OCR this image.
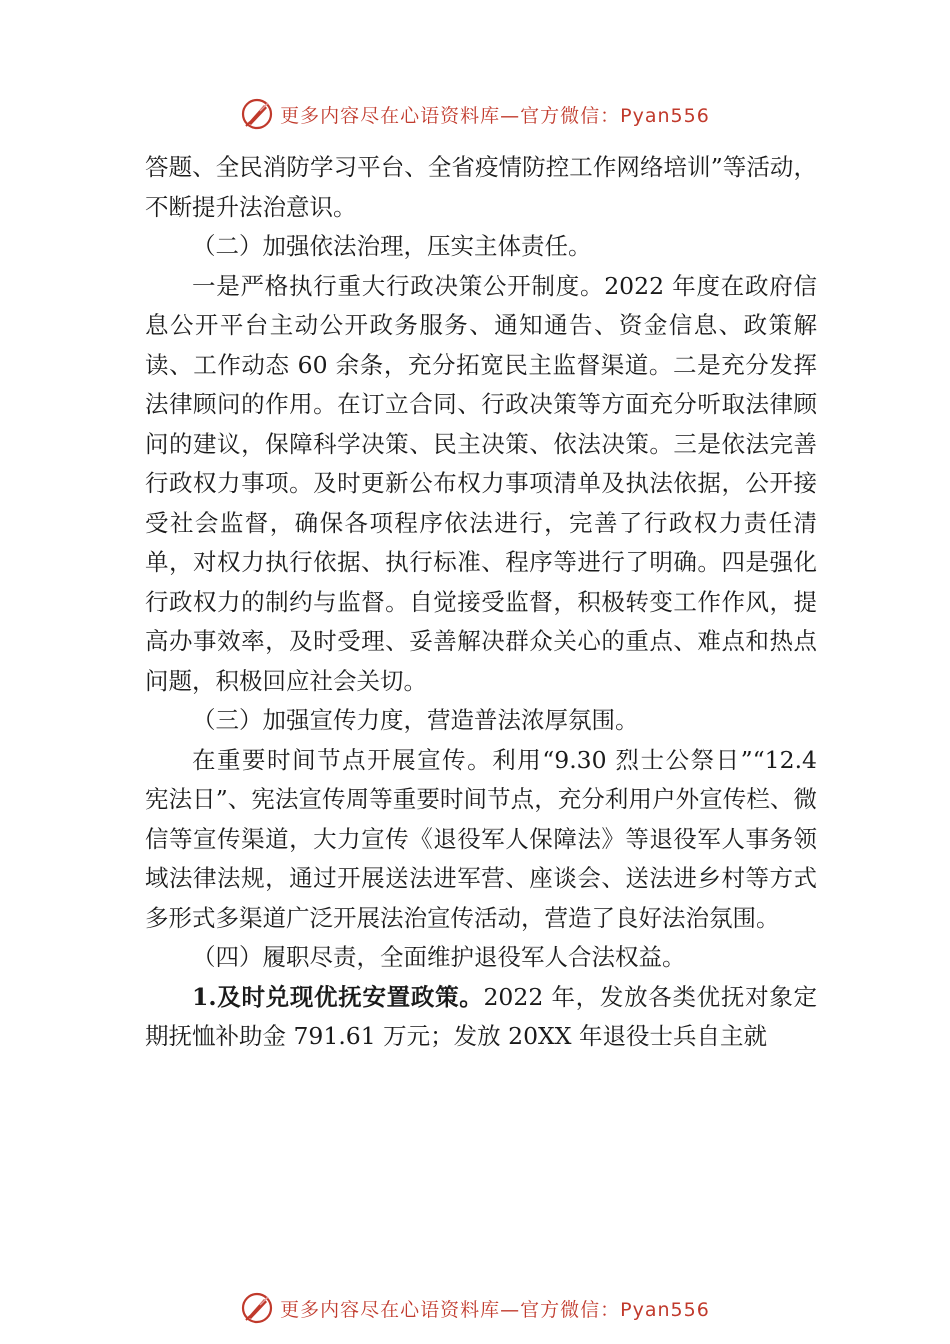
更多内容尽在心语资料库—官方微信：Pyan556

答题、全民消防学习平台、全省疫情防控工作网络培训”等活动，不断提升法治意识。

（二）加强依法治理，压实主体责任。

一是严格执行重大行政决策公开制度。2022 年度在政府信息公开平台主动公开政务服务、通知通告、资金信息、政策解读、工作动态 60 余条，充分拓宽民主监督渠道。二是充分发挥法律顾问的作用。在订立合同、行政决策等方面充分听取法律顾问的建议，保障科学决策、民主决策、依法决策。三是依法完善行政权力事项。及时更新公布权力事项清单及执法依据，公开接受社会监督，确保各项程序依法进行，完善了行政权力责任清单，对权力执行依据、执行标准、程序等进行了明确。四是强化行政权力的制约与监督。自觉接受监督，积极转变工作作风，提高办事效率，及时受理、妥善解决群众关心的重点、难点和热点问题，积极回应社会关切。

（三）加强宣传力度，营造普法浓厚氛围。

在重要时间节点开展宣传。利用“9.30 烈士公祭日”“12.4 宪法日”、宪法宣传周等重要时间节点，充分利用户外宣传栏、微信等宣传渠道，大力宣传《退役军人保障法》等退役军人事务领域法律法规，通过开展送法进军营、座谈会、送法进乡村等方式多形式多渠道广泛开展法治宣传活动，营造了良好法治氛围。

（四）履职尽责，全面维护退役军人合法权益。

1.及时兑现优抚安置政策。2022 年，发放各类优抚对象定期抚恤补助金 791.61 万元；发放 20XX 年退役士兵自主就

更多内容尽在心语资料库—官方微信：Pyan556
